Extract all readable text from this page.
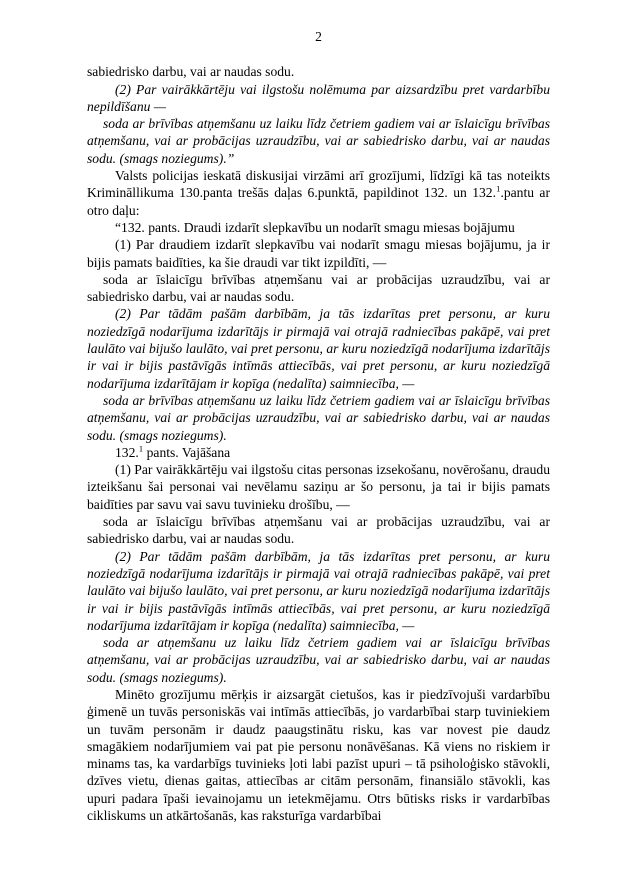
2

sabiedrisko darbu, vai ar naudas sodu.

(2) Par vairākkārtēju vai ilgstošu nolēmuma par aizsardzību pret vardarbību nepildīšanu —

soda ar brīvības atņemšanu uz laiku līdz četriem gadiem vai ar īslaicīgu brīvības atņemšanu, vai ar probācijas uzraudzību, vai ar sabiedrisko darbu, vai ar naudas sodu. (smags noziegums).”

Valsts policijas ieskatā diskusijai virzāmi arī grozījumi, līdzīgi kā tas noteikts Krimināllikuma 130.panta trešās daļas 6.punktā, papildinot 132. un 132.$^1$.pantu ar otro daļu:

“132. pants. Draudi izdarīt slepkavību un nodarīt smagu miesas bojājumu

(1) Par draudiem izdarīt slepkavību vai nodarīt smagu miesas bojājumu, ja ir bijis pamats baidīties, ka šie draudi var tikt izpildīti, —

soda ar īslaicīgu brīvības atņemšanu vai ar probācijas uzraudzību, vai ar sabiedrisko darbu, vai ar naudas sodu.

(2) Par tādām pašām darbībām, ja tās izdarītas pret personu, ar kuru noziedzīgā nodarījuma izdarītājs ir pirmajā vai otrajā radniecības pakāpē, vai pret laulāto vai bijušo laulāto, vai pret personu, ar kuru noziedzīgā nodarījuma izdarītājs ir vai ir bijis pastāvīgās intīmās attiecībās, vai pret personu, ar kuru noziedzīgā nodarījuma izdarītājam ir kopīga (nedalīta) saimniecība, —

soda ar brīvības atņemšanu uz laiku līdz četriem gadiem vai ar īslaicīgu brīvības atņemšanu, vai ar probācijas uzraudzību, vai ar sabiedrisko darbu, vai ar naudas sodu. (smags noziegums).

132.$^1$ pants. Vajāšana

(1) Par vairākkārtēju vai ilgstošu citas personas izsekošanu, novērošanu, draudu izteikšanu šai personai vai nevēlamu saziņu ar šo personu, ja tai ir bijis pamats baidīties par savu vai savu tuvinieku drošību, —

soda ar īslaicīgu brīvības atņemšanu vai ar probācijas uzraudzību, vai ar sabiedrisko darbu, vai ar naudas sodu.

(2) Par tādām pašām darbībām, ja tās izdarītas pret personu, ar kuru noziedzīgā nodarījuma izdarītājs ir pirmajā vai otrajā radniecības pakāpē, vai pret laulāto vai bijušo laulāto, vai pret personu, ar kuru noziedzīgā nodarījuma izdarītājs ir vai ir bijis pastāvīgās intīmās attiecībās, vai pret personu, ar kuru noziedzīgā nodarījuma izdarītājam ir kopīga (nedalīta) saimniecība, —

soda ar atņemšanu uz laiku līdz četriem gadiem vai ar īslaicīgu brīvības atņemšanu, vai ar probācijas uzraudzību, vai ar sabiedrisko darbu, vai ar naudas sodu. (smags noziegums).

Minēto grozījumu mērķis ir aizsargāt cietušos, kas ir piedzīvojuši vardarbību ģimenē un tuvās personiskās vai intīmās attiecībās, jo vardarbībai starp tuviniekiem un tuvām personām ir daudz paaugstinātu risku, kas var novest pie daudz smagākiem nodarījumiem vai pat pie personu nonāvēšanas. Kā viens no riskiem ir minams tas, ka vardarbīgs tuvinieks ļoti labi pazīst upuri – tā psiholoģisko stāvokli, dzīves vietu, dienas gaitas, attiecības ar citām personām, finansiālo stāvokli, kas upuri padara īpaši ievainojamu un ietekmējamu. Otrs būtisks risks ir vardarbības cikliskums un atkārtošanās, kas raksturīga vardarbībai
